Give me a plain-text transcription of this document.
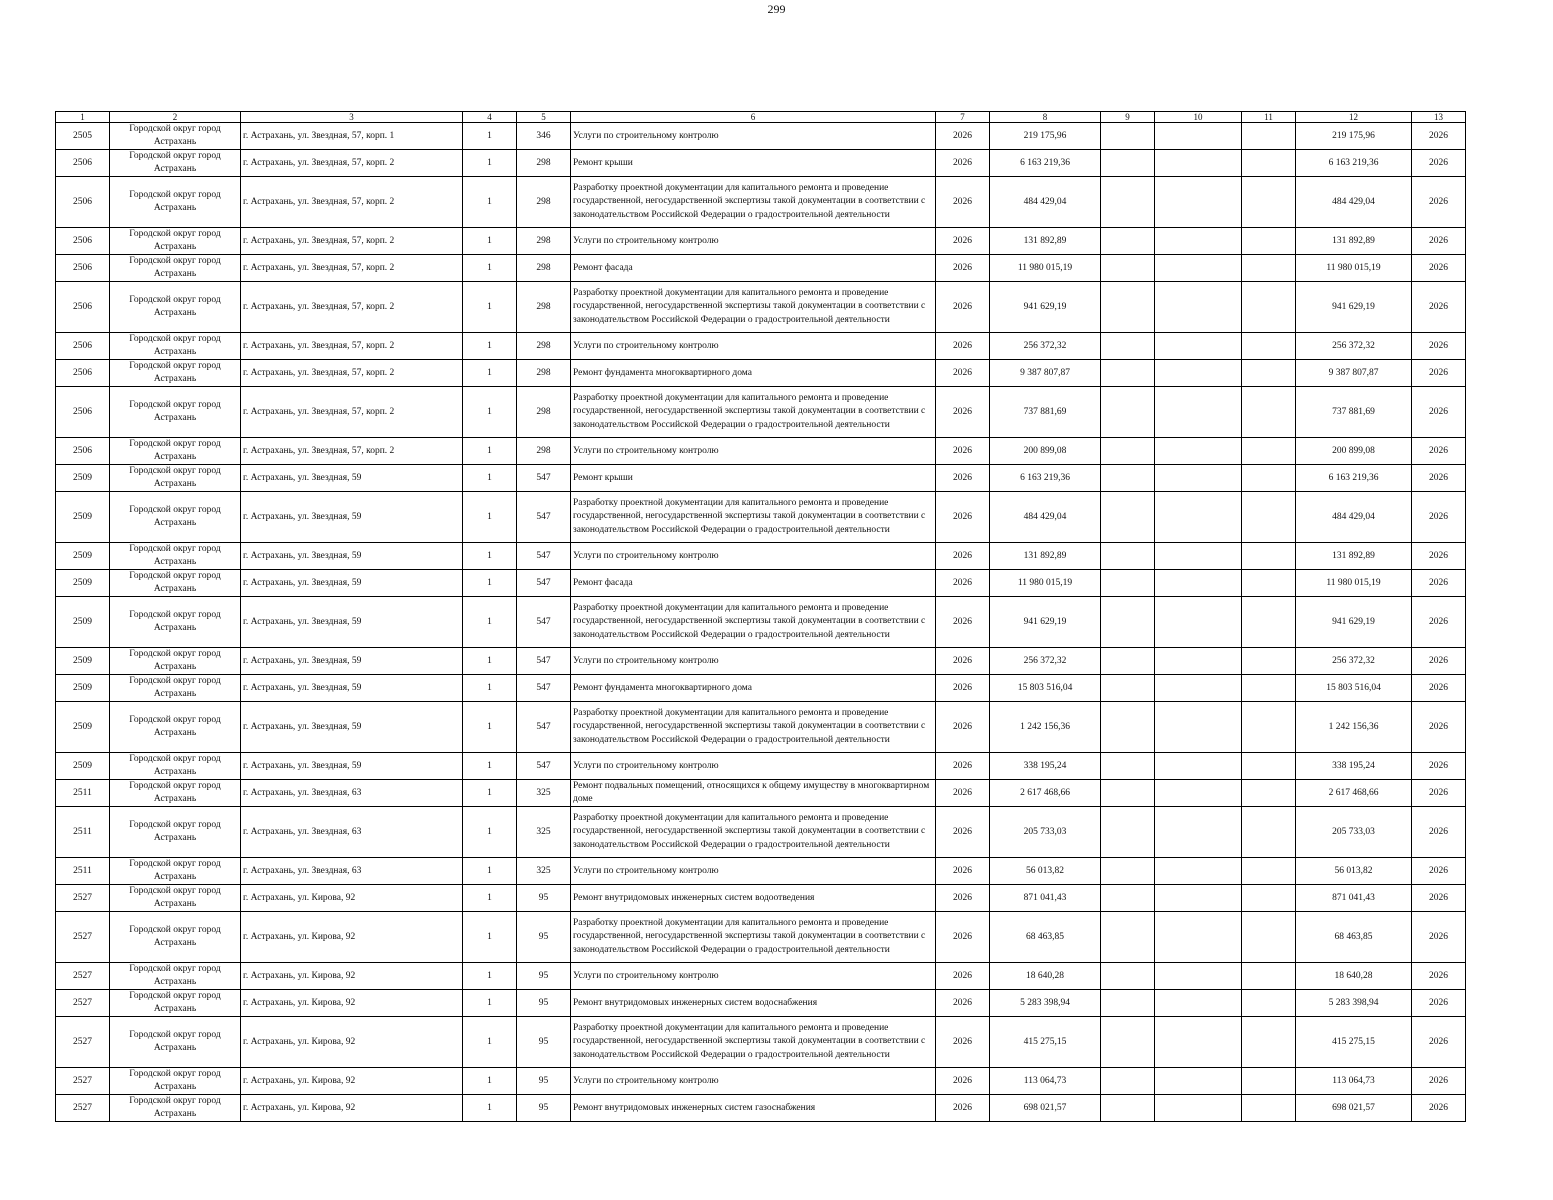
299
1	2	3	4	5	6	7	8	9	10	11	12	13
2505	Городской округ город Астрахань	г. Астрахань, ул. Звездная, 57, корп. 1	1	346	Услуги по строительному контролю	2026	219 175,96				219 175,96	2026
2506	Городской округ город Астрахань	г. Астрахань, ул. Звездная, 57, корп. 2	1	298	Ремонт крыши	2026	6 163 219,36				6 163 219,36	2026
2506	Городской округ город Астрахань	г. Астрахань, ул. Звездная, 57, корп. 2	1	298	Разработку проектной документации для капитального ремонта и проведение государственной, негосударственной экспертизы такой документации в соответствии с законодательством Российской Федерации о градостроительной деятельности	2026	484 429,04				484 429,04	2026
2506	Городской округ город Астрахань	г. Астрахань, ул. Звездная, 57, корп. 2	1	298	Услуги по строительному контролю	2026	131 892,89				131 892,89	2026
2506	Городской округ город Астрахань	г. Астрахань, ул. Звездная, 57, корп. 2	1	298	Ремонт фасада	2026	11 980 015,19				11 980 015,19	2026
2506	Городской округ город Астрахань	г. Астрахань, ул. Звездная, 57, корп. 2	1	298	Разработку проектной документации для капитального ремонта и проведение государственной, негосударственной экспертизы такой документации в соответствии с законодательством Российской Федерации о градостроительной деятельности	2026	941 629,19				941 629,19	2026
2506	Городской округ город Астрахань	г. Астрахань, ул. Звездная, 57, корп. 2	1	298	Услуги по строительному контролю	2026	256 372,32				256 372,32	2026
2506	Городской округ город Астрахань	г. Астрахань, ул. Звездная, 57, корп. 2	1	298	Ремонт фундамента многоквартирного дома	2026	9 387 807,87				9 387 807,87	2026
2506	Городской округ город Астрахань	г. Астрахань, ул. Звездная, 57, корп. 2	1	298	Разработку проектной документации для капитального ремонта и проведение государственной, негосударственной экспертизы такой документации в соответствии с законодательством Российской Федерации о градостроительной деятельности	2026	737 881,69				737 881,69	2026
2506	Городской округ город Астрахань	г. Астрахань, ул. Звездная, 57, корп. 2	1	298	Услуги по строительному контролю	2026	200 899,08				200 899,08	2026
2509	Городской округ город Астрахань	г. Астрахань, ул. Звездная, 59	1	547	Ремонт крыши	2026	6 163 219,36				6 163 219,36	2026
2509	Городской округ город Астрахань	г. Астрахань, ул. Звездная, 59	1	547	Разработку проектной документации для капитального ремонта и проведение государственной, негосударственной экспертизы такой документации в соответствии с законодательством Российской Федерации о градостроительной деятельности	2026	484 429,04				484 429,04	2026
2509	Городской округ город Астрахань	г. Астрахань, ул. Звездная, 59	1	547	Услуги по строительному контролю	2026	131 892,89				131 892,89	2026
2509	Городской округ город Астрахань	г. Астрахань, ул. Звездная, 59	1	547	Ремонт фасада	2026	11 980 015,19				11 980 015,19	2026
2509	Городской округ город Астрахань	г. Астрахань, ул. Звездная, 59	1	547	Разработку проектной документации для капитального ремонта и проведение государственной, негосударственной экспертизы такой документации в соответствии с законодательством Российской Федерации о градостроительной деятельности	2026	941 629,19				941 629,19	2026
2509	Городской округ город Астрахань	г. Астрахань, ул. Звездная, 59	1	547	Услуги по строительному контролю	2026	256 372,32				256 372,32	2026
2509	Городской округ город Астрахань	г. Астрахань, ул. Звездная, 59	1	547	Ремонт фундамента многоквартирного дома	2026	15 803 516,04				15 803 516,04	2026
2509	Городской округ город Астрахань	г. Астрахань, ул. Звездная, 59	1	547	Разработку проектной документации для капитального ремонта и проведение государственной, негосударственной экспертизы такой документации в соответствии с законодательством Российской Федерации о градостроительной деятельности	2026	1 242 156,36				1 242 156,36	2026
2509	Городской округ город Астрахань	г. Астрахань, ул. Звездная, 59	1	547	Услуги по строительному контролю	2026	338 195,24				338 195,24	2026
2511	Городской округ город Астрахань	г. Астрахань, ул. Звездная, 63	1	325	Ремонт подвальных помещений, относящихся к общему имуществу в многоквартирном доме	2026	2 617 468,66				2 617 468,66	2026
2511	Городской округ город Астрахань	г. Астрахань, ул. Звездная, 63	1	325	Разработку проектной документации для капитального ремонта и проведение государственной, негосударственной экспертизы такой документации в соответствии с законодательством Российской Федерации о градостроительной деятельности	2026	205 733,03				205 733,03	2026
2511	Городской округ город Астрахань	г. Астрахань, ул. Звездная, 63	1	325	Услуги по строительному контролю	2026	56 013,82				56 013,82	2026
2527	Городской округ город Астрахань	г. Астрахань, ул. Кирова, 92	1	95	Ремонт внутридомовых инженерных систем водоотведения	2026	871 041,43				871 041,43	2026
2527	Городской округ город Астрахань	г. Астрахань, ул. Кирова, 92	1	95	Разработку проектной документации для капитального ремонта и проведение государственной, негосударственной экспертизы такой документации в соответствии с законодательством Российской Федерации о градостроительной деятельности	2026	68 463,85				68 463,85	2026
2527	Городской округ город Астрахань	г. Астрахань, ул. Кирова, 92	1	95	Услуги по строительному контролю	2026	18 640,28				18 640,28	2026
2527	Городской округ город Астрахань	г. Астрахань, ул. Кирова, 92	1	95	Ремонт внутридомовых инженерных систем водоснабжения	2026	5 283 398,94				5 283 398,94	2026
2527	Городской округ город Астрахань	г. Астрахань, ул. Кирова, 92	1	95	Разработку проектной документации для капитального ремонта и проведение государственной, негосударственной экспертизы такой документации в соответствии с законодательством Российской Федерации о градостроительной деятельности	2026	415 275,15				415 275,15	2026
2527	Городской округ город Астрахань	г. Астрахань, ул. Кирова, 92	1	95	Услуги по строительному контролю	2026	113 064,73				113 064,73	2026
2527	Городской округ город Астрахань	г. Астрахань, ул. Кирова, 92	1	95	Ремонт внутридомовых инженерных систем газоснабжения	2026	698 021,57				698 021,57	2026
